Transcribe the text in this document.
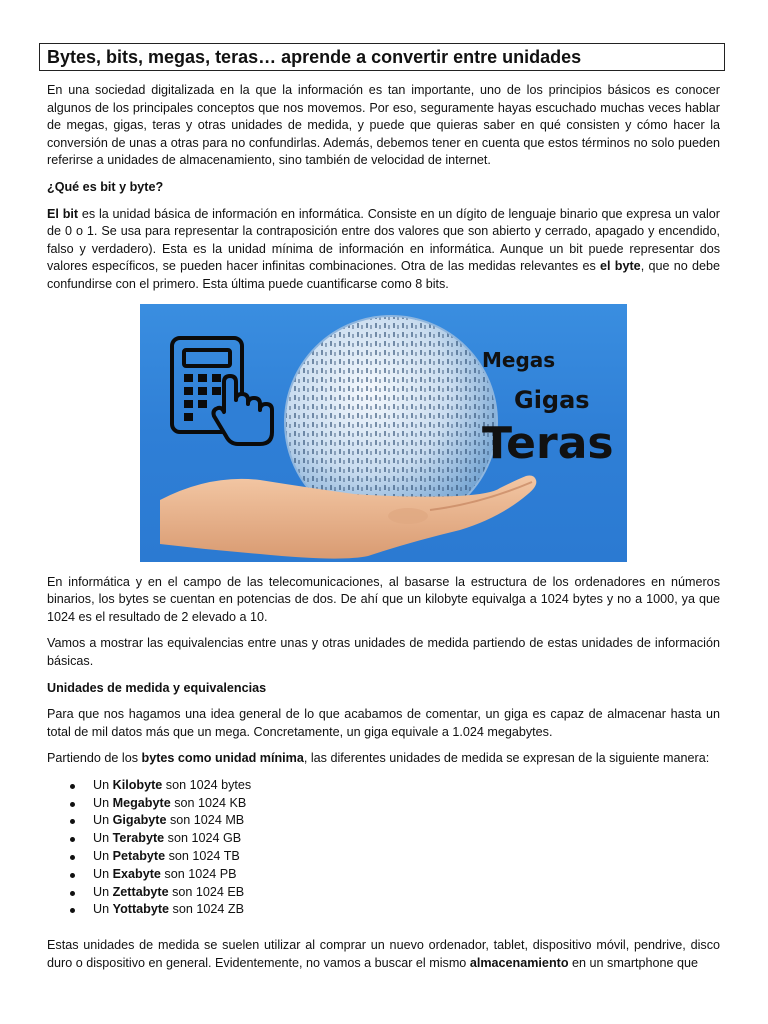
Bytes, bits, megas, teras… aprende a convertir entre unidades

En una sociedad digitalizada en la que la información es tan importante, uno de los principios básicos es conocer algunos de los principales conceptos que nos movemos. Por eso, seguramente hayas escuchado muchas veces hablar de megas, gigas, teras y otras unidades de medida, y puede que quieras saber en qué consisten y cómo hacer la conversión de unas a otras para no confundirlas. Además, debemos tener en cuenta que estos términos no solo pueden referirse a unidades de almacenamiento, sino también de velocidad de internet.

¿Qué es bit y byte?

El bit es la unidad básica de información en informática. Consiste en un dígito de lenguaje binario que expresa un valor de 0 o 1. Se usa para representar la contraposición entre dos valores que son abierto y cerrado, apagado y encendido, falso y verdadero). Esta es la unidad mínima de información en informática. Aunque un bit puede representar dos valores específicos, se pueden hacer infinitas combinaciones. Otra de las medidas relevantes es el byte, que no debe confundirse con el primero. Esta última puede cuantificarse como 8 bits.

Megas
Gigas
Teras

En informática y en el campo de las telecomunicaciones, al basarse la estructura de los ordenadores en números binarios, los bytes se cuentan en potencias de dos. De ahí que un kilobyte equivalga a 1024 bytes y no a 1000, ya que 1024 es el resultado de 2 elevado a 10.

Vamos a mostrar las equivalencias entre unas y otras unidades de medida partiendo de estas unidades de información básicas.

Unidades de medida y equivalencias

Para que nos hagamos una idea general de lo que acabamos de comentar, un giga es capaz de almacenar hasta un total de mil datos más que un mega. Concretamente, un giga equivale a 1.024 megabytes.

Partiendo de los bytes como unidad mínima, las diferentes unidades de medida se expresan de la siguiente manera:

Un Kilobyte son 1024 bytes
Un Megabyte son 1024 KB
Un Gigabyte son 1024 MB
Un Terabyte son 1024 GB
Un Petabyte son 1024 TB
Un Exabyte son 1024 PB
Un Zettabyte son 1024 EB
Un Yottabyte son 1024 ZB

Estas unidades de medida se suelen utilizar al comprar un nuevo ordenador, tablet, dispositivo móvil, pendrive, disco duro o dispositivo en general. Evidentemente, no vamos a buscar el mismo almacenamiento en un smartphone que
